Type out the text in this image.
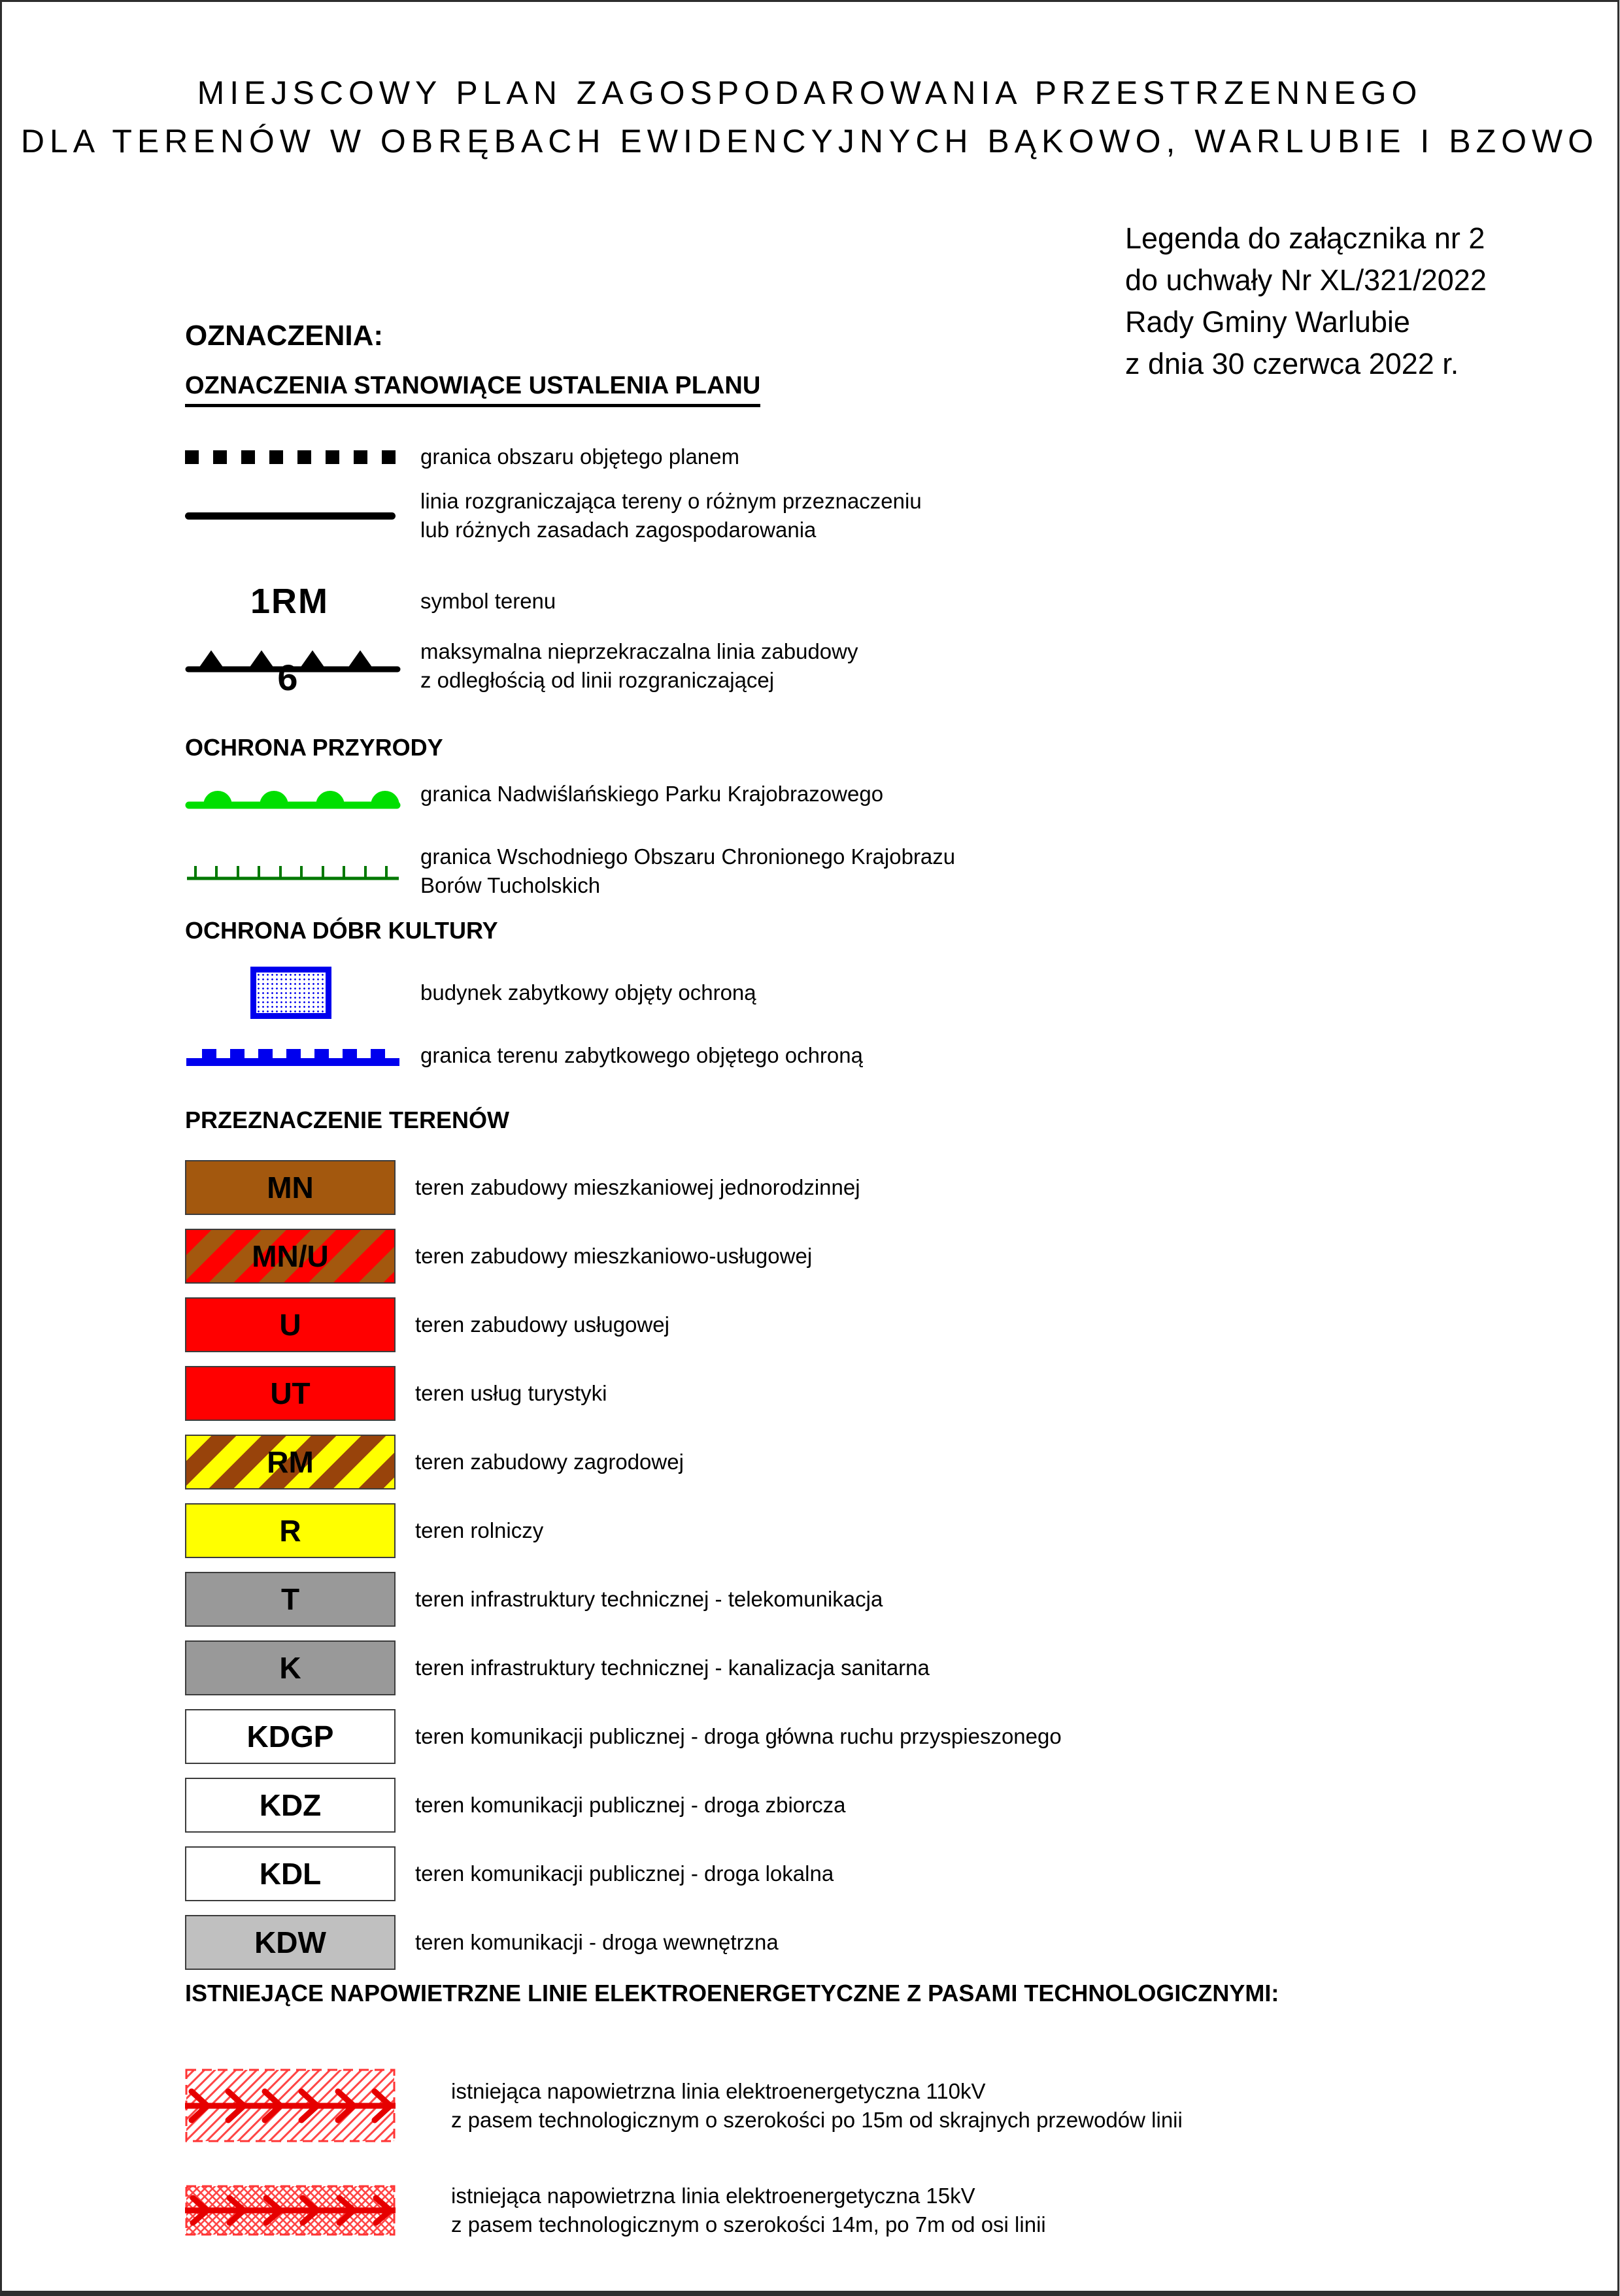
MIEJSCOWY PLAN ZAGOSPODAROWANIA PRZESTRZENNEGO
DLA TERENÓW W OBRĘBACH EWIDENCYJNYCH BĄKOWO, WARLUBIE I BZOWO
Legenda do załącznika nr 2
do uchwały Nr XL/321/2022
Rady Gminy Warlubie
z dnia 30 czerwca 2022 r.
OZNACZENIA:
OZNACZENIA STANOWIĄCE USTALENIA PLANU
granica obszaru objętego planem
linia rozgraniczająca tereny o różnym przeznaczeniu
lub różnych zasadach zagospodarowania
1RM	symbol terenu
6
maksymalna nieprzekraczalna linia zabudowy
z odległością od linii rozgraniczającej
OCHRONA PRZYRODY
granica Nadwiślańskiego Parku Krajobrazowego
granica Wschodniego Obszaru Chronionego Krajobrazu
Borów Tucholskich
OCHRONA DÓBR KULTURY
budynek zabytkowy objęty ochroną
granica terenu zabytkowego objętego ochroną
PRZEZNACZENIE TERENÓW
MN	teren zabudowy mieszkaniowej jednorodzinnej
MN/U	teren zabudowy mieszkaniowo-usługowej
U	teren zabudowy usługowej
UT	teren usług turystyki
RM	teren zabudowy zagrodowej
R	teren rolniczy
T	teren infrastruktury technicznej - telekomunikacja
K	teren infrastruktury technicznej - kanalizacja sanitarna
KDGP	teren komunikacji publicznej - droga główna ruchu przyspieszonego
KDZ	teren komunikacji publicznej - droga zbiorcza
KDL	teren komunikacji publicznej - droga lokalna
KDW	teren komunikacji - droga wewnętrzna
ISTNIEJĄCE NAPOWIETRZNE LINIE ELEKTROENERGETYCZNE Z PASAMI TECHNOLOGICZNYMI:
istniejąca napowietrzna linia elektroenergetyczna 110kV
z pasem technologicznym o szerokości po 15m od skrajnych przewodów linii
istniejąca napowietrzna linia elektroenergetyczna 15kV
z pasem technologicznym o szerokości 14m, po 7m od osi linii
